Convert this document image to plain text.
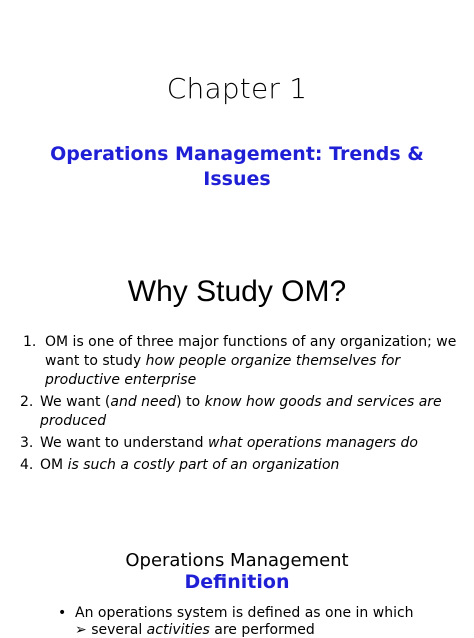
Chapter 1
Operations Management: Trends &
Issues
Why Study OM?
1. OM is one of three major functions of any organization; we want to study how people organize themselves for productive enterprise
2. We want (and need) to know how goods and services are produced
3. We want to understand what operations managers do
4. OM is such a costly part of an organization
Operations Management
Definition
• An operations system is defined as one in which
➢ several activities are performed
